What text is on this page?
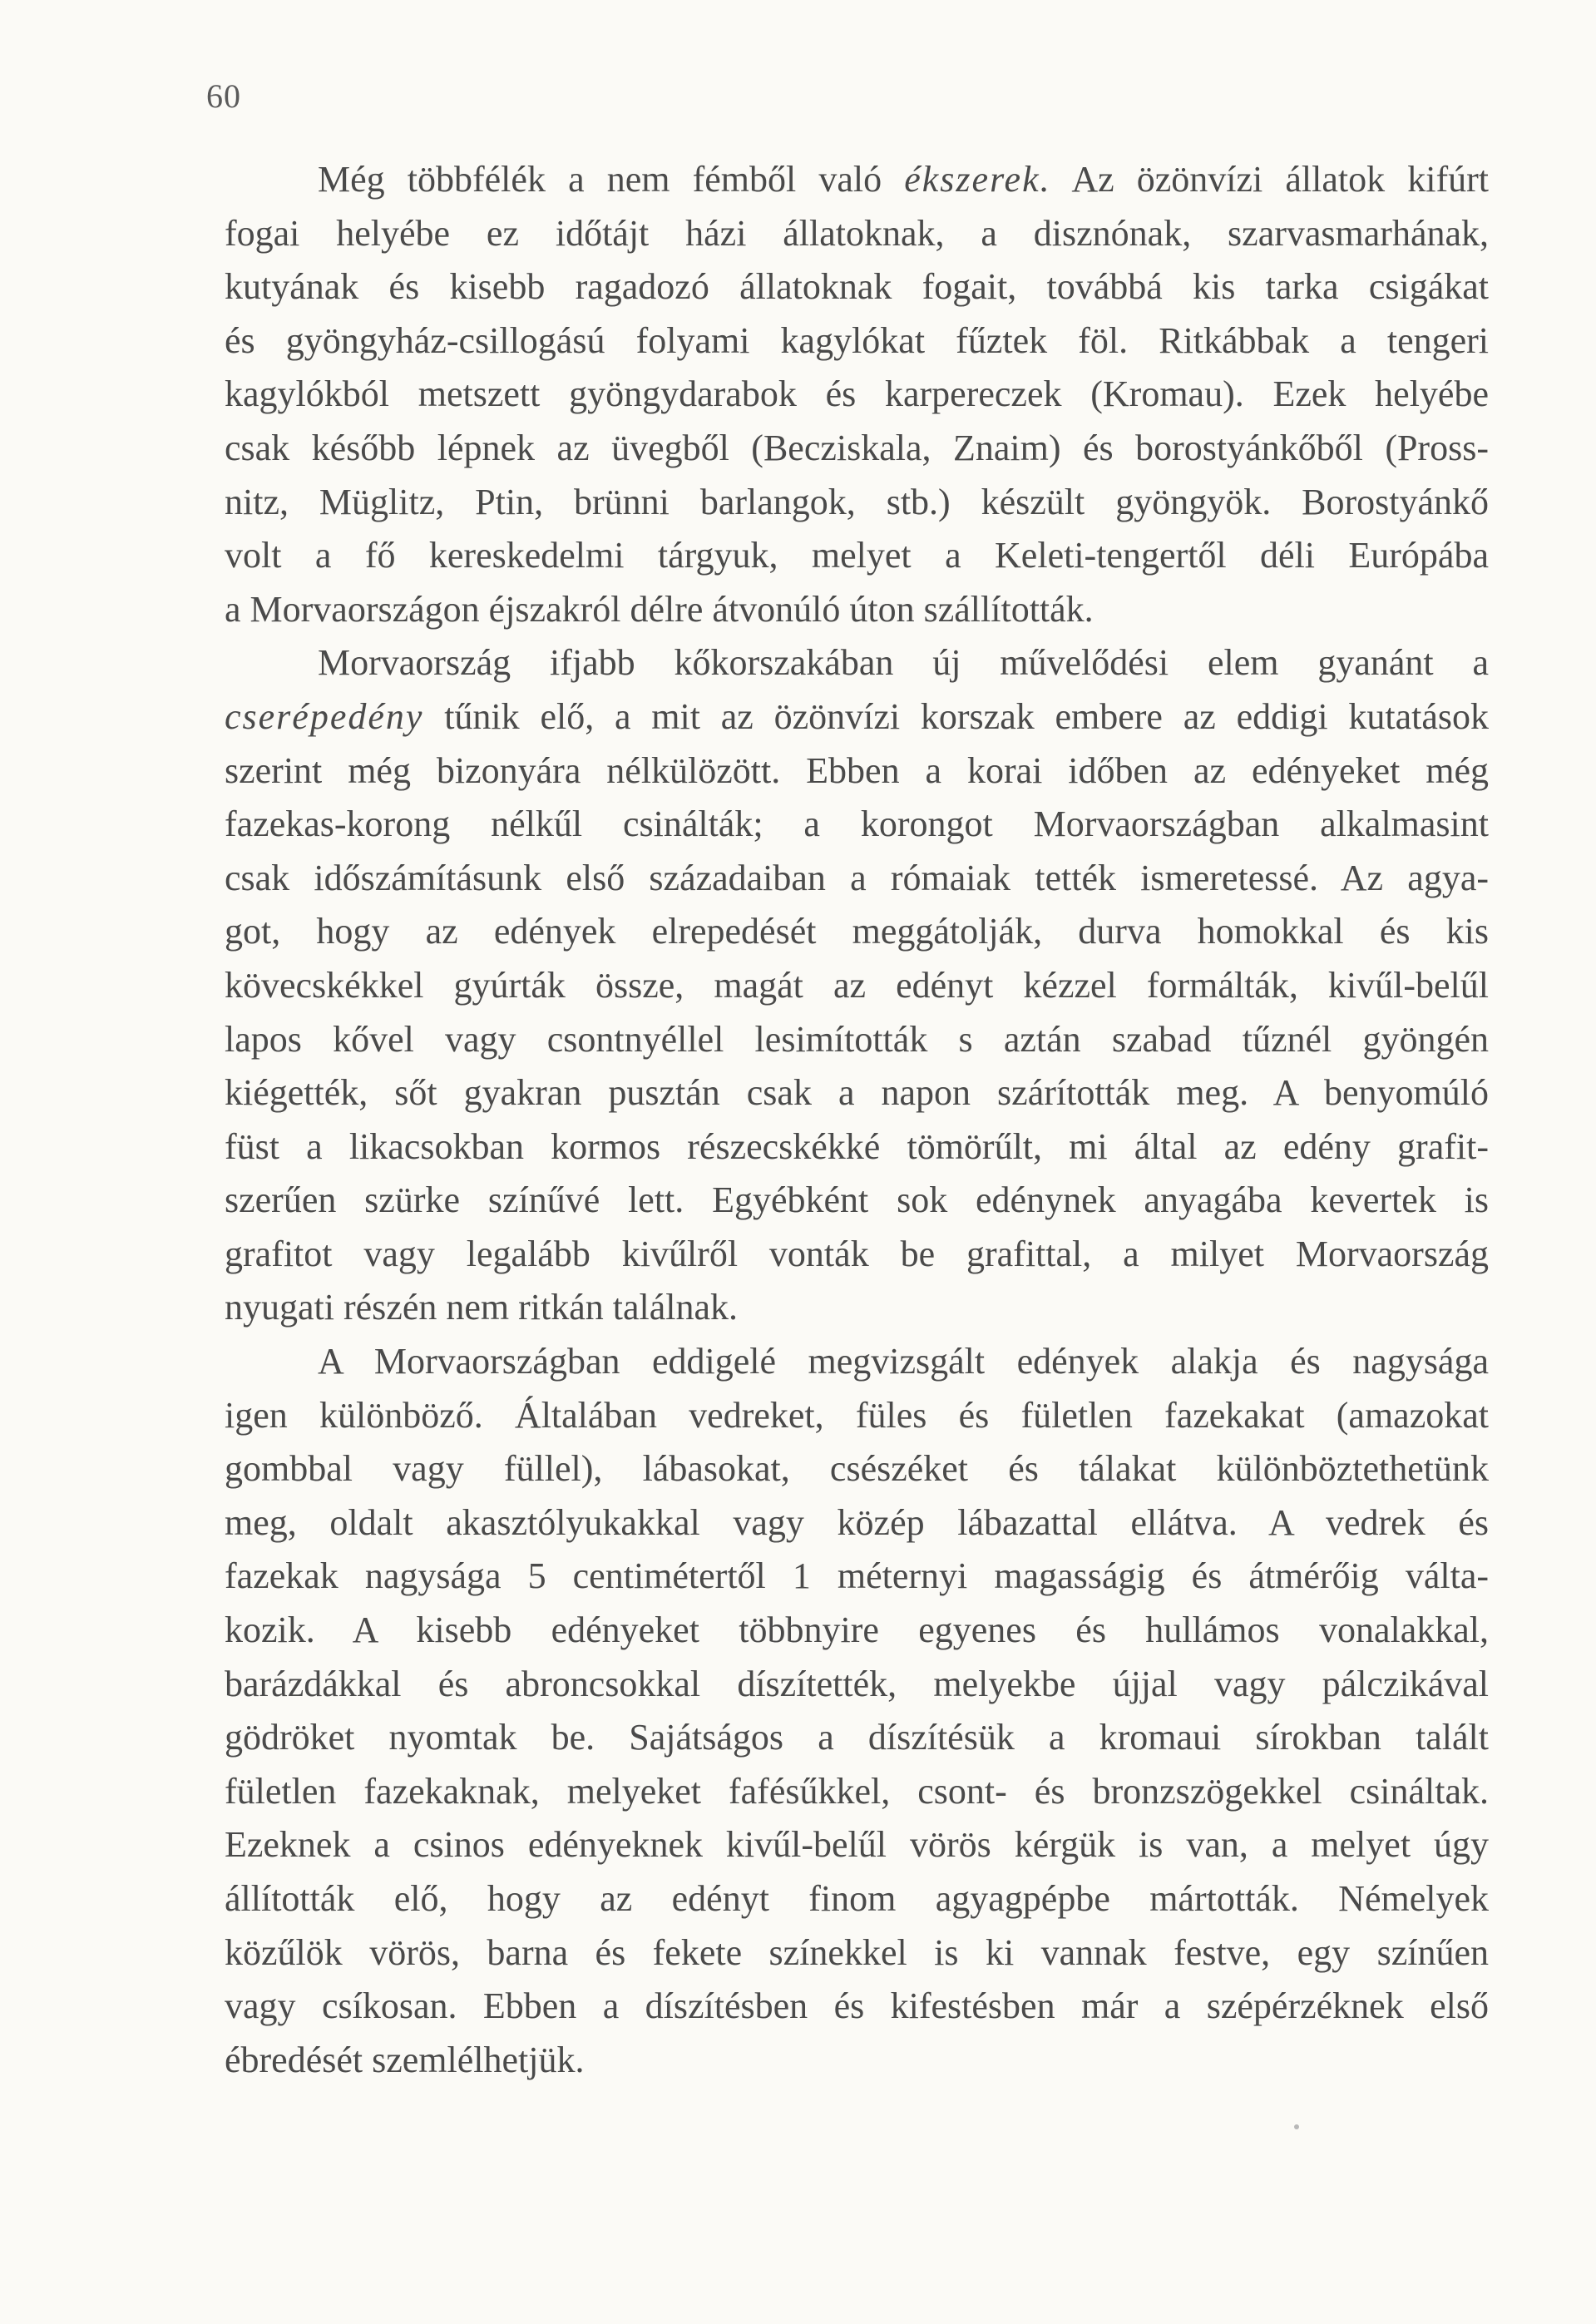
60
Még többfélék a nem fémből való ékszerek. Az özönvízi állatok kifúrt
fogai helyébe ez időtájt házi állatoknak, a disznónak, szarvasmarhának,
kutyának és kisebb ragadozó állatoknak fogait, továbbá kis tarka csigákat
és gyöngyház-csillogású folyami kagylókat fűztek föl. Ritkábbak a tengeri
kagylókból metszett gyöngydarabok és karpereczek (Kromau). Ezek helyébe
csak később lépnek az üvegből (Becziskala, Znaim) és borostyánkőből (Pross-
nitz, Müglitz, Ptin, brünni barlangok, stb.) készült gyöngyök. Borostyánkő
volt a fő kereskedelmi tárgyuk, melyet a Keleti-tengertől déli Európába
a Morvaországon éjszakról délre átvonúló úton szállították.
Morvaország ifjabb kőkorszakában új művelődési elem gyanánt a
cserépedény tűnik elő, a mit az özönvízi korszak embere az eddigi kutatások
szerint még bizonyára nélkülözött. Ebben a korai időben az edényeket még
fazekas-korong nélkűl csinálták; a korongot Morvaországban alkalmasint
csak időszámításunk első századaiban a rómaiak tették ismeretessé. Az agya-
got, hogy az edények elrepedését meggátolják, durva homokkal és kis
kövecskékkel gyúrták össze, magát az edényt kézzel formálták, kivűl-belűl
lapos kővel vagy csontnyéllel lesimították s aztán szabad tűznél gyöngén
kiégették, sőt gyakran pusztán csak a napon szárították meg. A benyomúló
füst a likacsokban kormos részecskékké tömörűlt, mi által az edény grafit-
szerűen szürke színűvé lett. Egyébként sok edénynek anyagába kevertek is
grafitot vagy legalább kivűlről vonták be grafittal, a milyet Morvaország
nyugati részén nem ritkán találnak.
A Morvaországban eddigelé megvizsgált edények alakja és nagysága
igen különböző. Általában vedreket, füles és fületlen fazekakat (amazokat
gombbal vagy füllel), lábasokat, csészéket és tálakat különböztethetünk
meg, oldalt akasztólyukakkal vagy közép lábazattal ellátva. A vedrek és
fazekak nagysága 5 centimétertől 1 méternyi magasságig és átmérőig válta-
kozik. A kisebb edényeket többnyire egyenes és hullámos vonalakkal,
barázdákkal és abroncsokkal díszítették, melyekbe újjal vagy pálczikával
gödröket nyomtak be. Sajátságos a díszítésük a kromaui sírokban talált
fületlen fazekaknak, melyeket fafésűkkel, csont- és bronzszögekkel csináltak.
Ezeknek a csinos edényeknek kivűl-belűl vörös kérgük is van, a melyet úgy
állították elő, hogy az edényt finom agyagpépbe mártották. Némelyek
közűlök vörös, barna és fekete színekkel is ki vannak festve, egy színűen
vagy csíkosan. Ebben a díszítésben és kifestésben már a szépérzéknek első
ébredését szemlélhetjük.
